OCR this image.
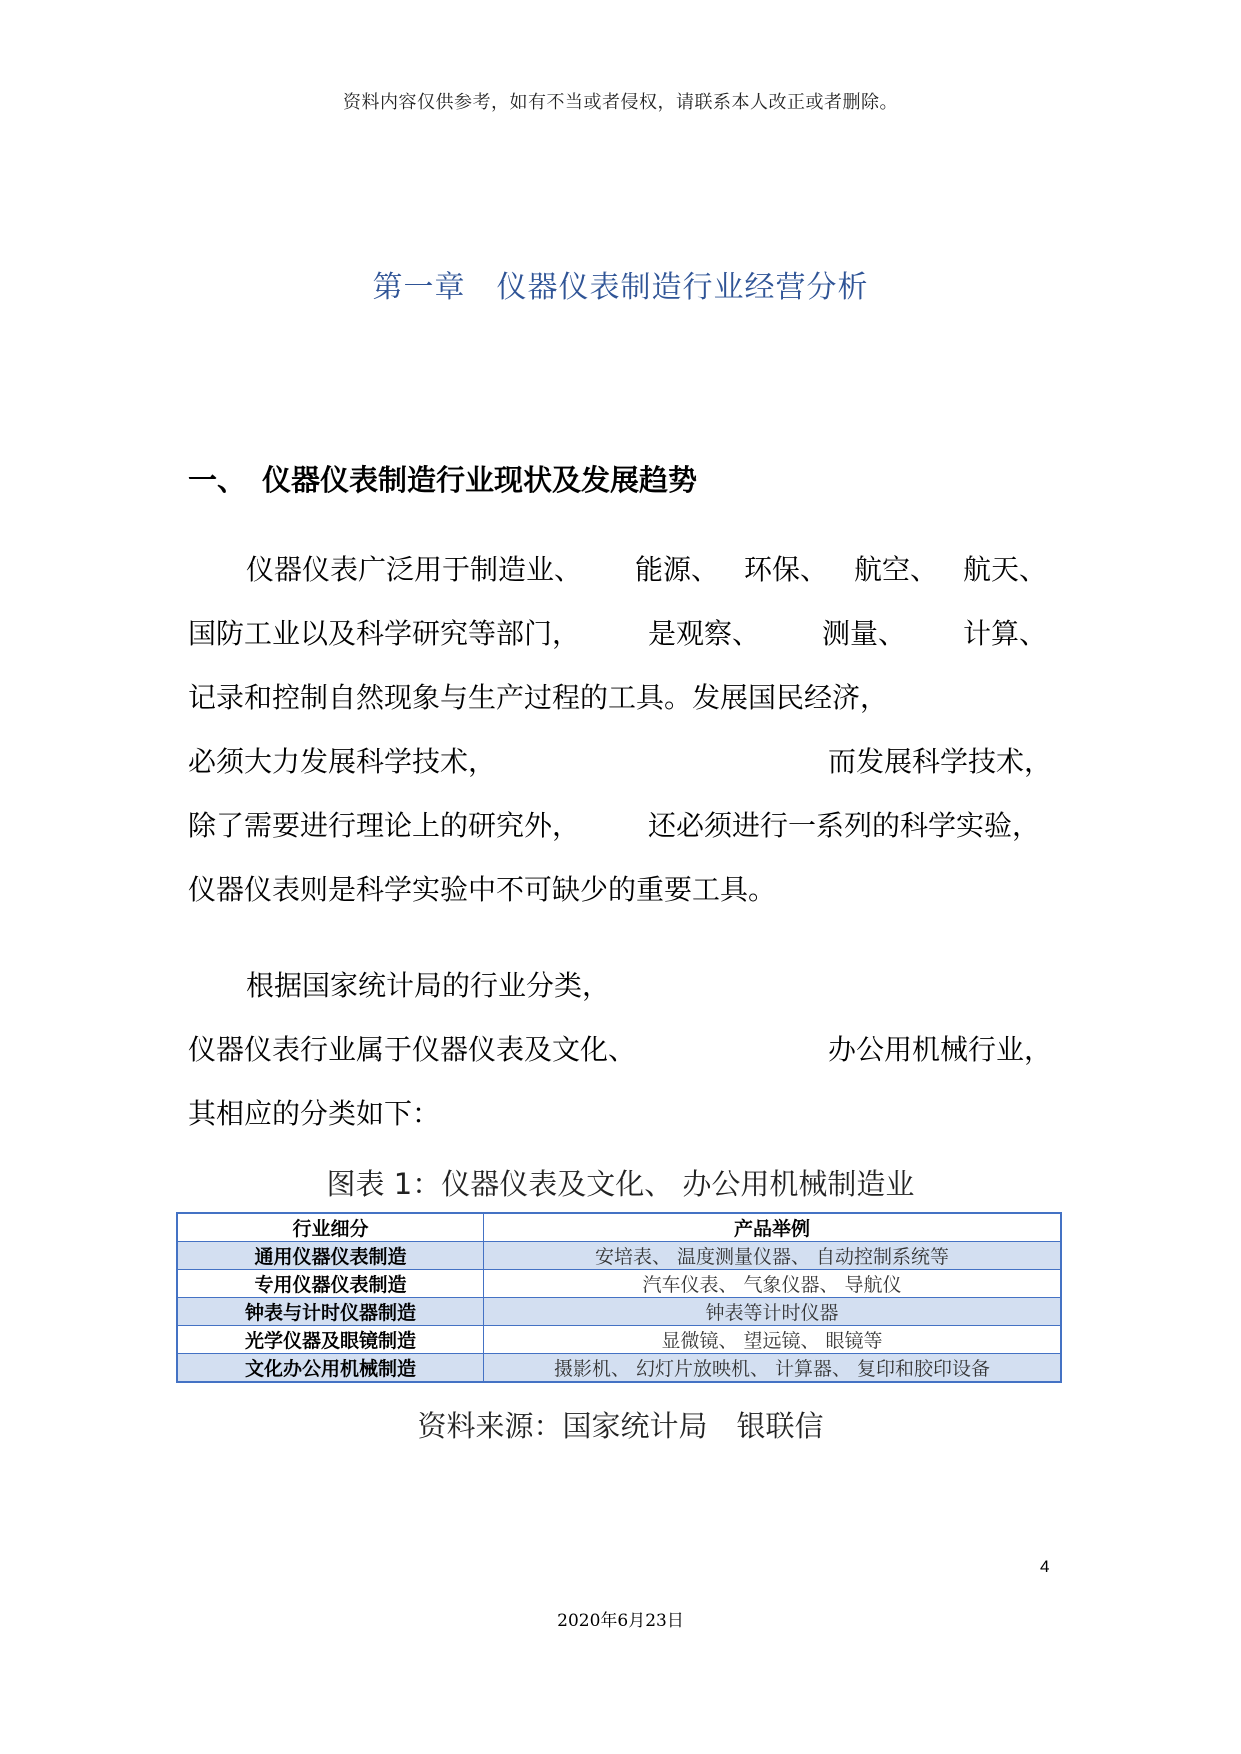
资料内容仅供参考，如有不当或者侵权，请联系本人改正或者删除。
第一章　仪器仪表制造行业经营分析
一、 仪器仪表制造行业现状及发展趋势
仪器仪表广泛用于制造业、 能源、 环保、 航空、 航天、
国防工业以及科学研究等部门， 是观察、 测量、 计算、
记录和控制自然现象与生产过程的工具。发展国民经济，
必须大力发展科学技术，	而发展科学技术，
除了需要进行理论上的研究外， 还必须进行一系列的科学实验，
仪器仪表则是科学实验中不可缺少的重要工具。
根据国家统计局的行业分类，
仪器仪表行业属于仪器仪表及文化、	办公用机械行业，
其相应的分类如下：
图表 1：仪器仪表及文化、 办公用机械制造业
行业细分	产品举例
通用仪器仪表制造	安培表、 温度测量仪器、 自动控制系统等
专用仪器仪表制造	汽车仪表、 气象仪器、 导航仪
钟表与计时仪器制造	钟表等计时仪器
光学仪器及眼镜制造	显微镜、 望远镜、 眼镜等
文化办公用机械制造	摄影机、 幻灯片放映机、 计算器、 复印和胶印设备
资料来源：国家统计局　银联信
4
2020年6月23日
